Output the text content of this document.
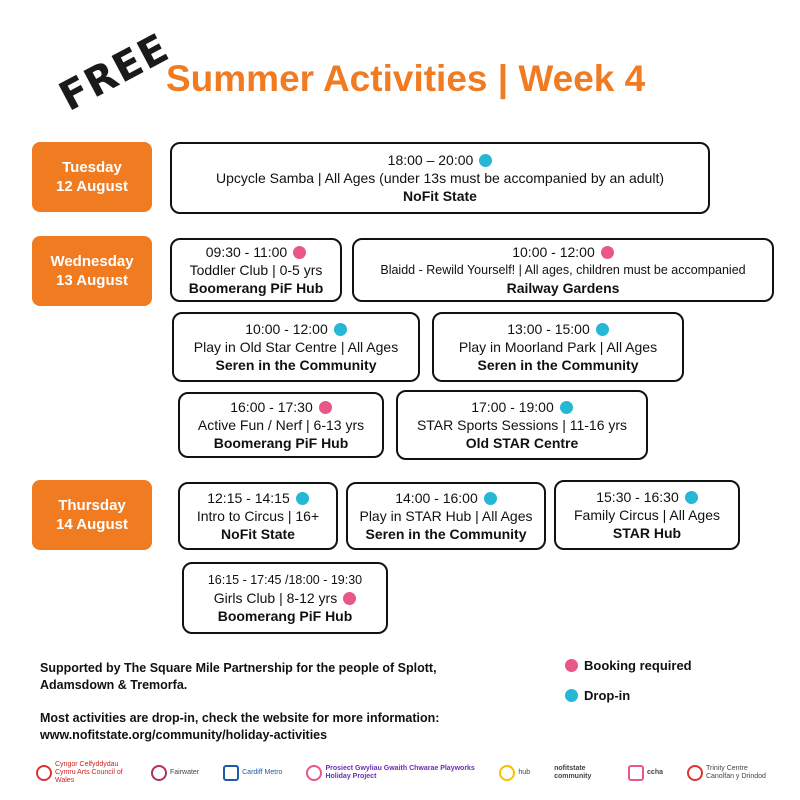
FREE
Summer Activities | Week 4
Tuesday
12 August
18:00 – 20:00
Upcycle Samba | All Ages (under 13s must be accompanied by an adult)
NoFit State
Wednesday
13 August
09:30 - 11:00
Toddler Club | 0-5 yrs
Boomerang PiF Hub
10:00 - 12:00
Blaidd - Rewild Yourself! | All ages, children must be accompanied
Railway Gardens
10:00 - 12:00
Play in Old Star Centre | All Ages
Seren in the Community
13:00 - 15:00
Play in Moorland Park | All Ages
Seren in the Community
16:00 - 17:30
Active Fun / Nerf | 6-13 yrs
Boomerang PiF Hub
17:00 - 19:00
STAR Sports Sessions | 11-16 yrs
Old STAR Centre
Thursday
14 August
12:15 - 14:15
Intro to Circus | 16+
NoFit State
14:00 - 16:00
Play in STAR Hub | All Ages
Seren in the Community
15:30 - 16:30
Family Circus | All Ages
STAR Hub
16:15 - 17:45 /18:00 - 19:30
Girls Club | 8-12 yrs
Boomerang PiF Hub
Supported by The Square Mile Partnership for the people of Splott,
Adamsdown & Tremorfa.
Most activities are drop-in, check the website for more information:
www.nofitstate.org/community/holiday-activities
Booking required
Drop-in
Cyngor Celfyddydau Cymru Arts Council of Wales
Fairwater	Cardiff Metro
Prosiect Gwyliau Gwaith Chwarae Playworks Holiday Project
hub
nofitstate community
ccha
Trinity Centre Canolfan y Drindod
